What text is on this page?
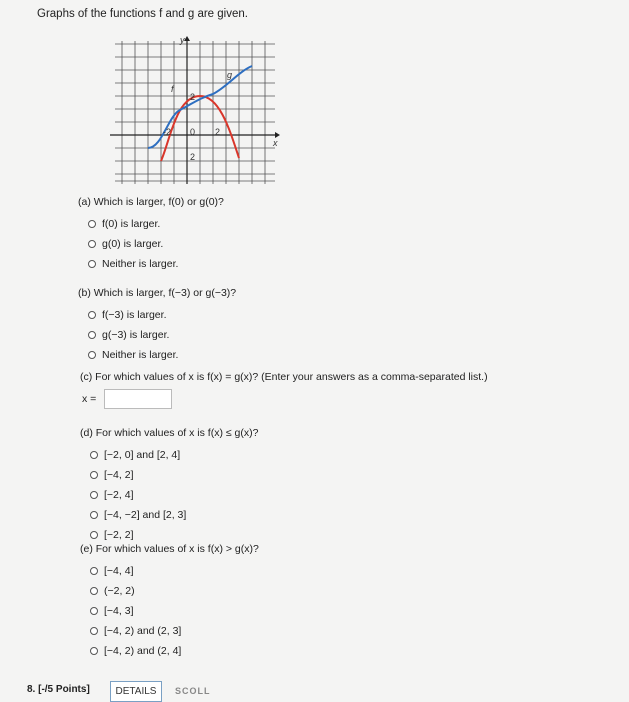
Graphs of the functions f and g are given.
y
x
f
g
2
-2 0 2
2
(a) Which is larger, f(0) or g(0)?
f(0) is larger.
g(0) is larger.
Neither is larger.
(b) Which is larger, f(−3) or g(−3)?
f(−3) is larger.
g(−3) is larger.
Neither is larger.
(c) For which values of x is f(x) = g(x)? (Enter your answers as a comma-separated list.)
x =
(d) For which values of x is f(x) ≤ g(x)?
[−2, 0] and [2, 4]
[−4, 2]
[−2, 4]
[−4, −2] and [2, 3]
[−2, 2]
(e) For which values of x is f(x) > g(x)?
[−4, 4]
(−2, 2)
[−4, 3]
[−4, 2) and (2, 3]
[−4, 2) and (2, 4]
8. [-/5 Points]	DETAILS	SCOLL
